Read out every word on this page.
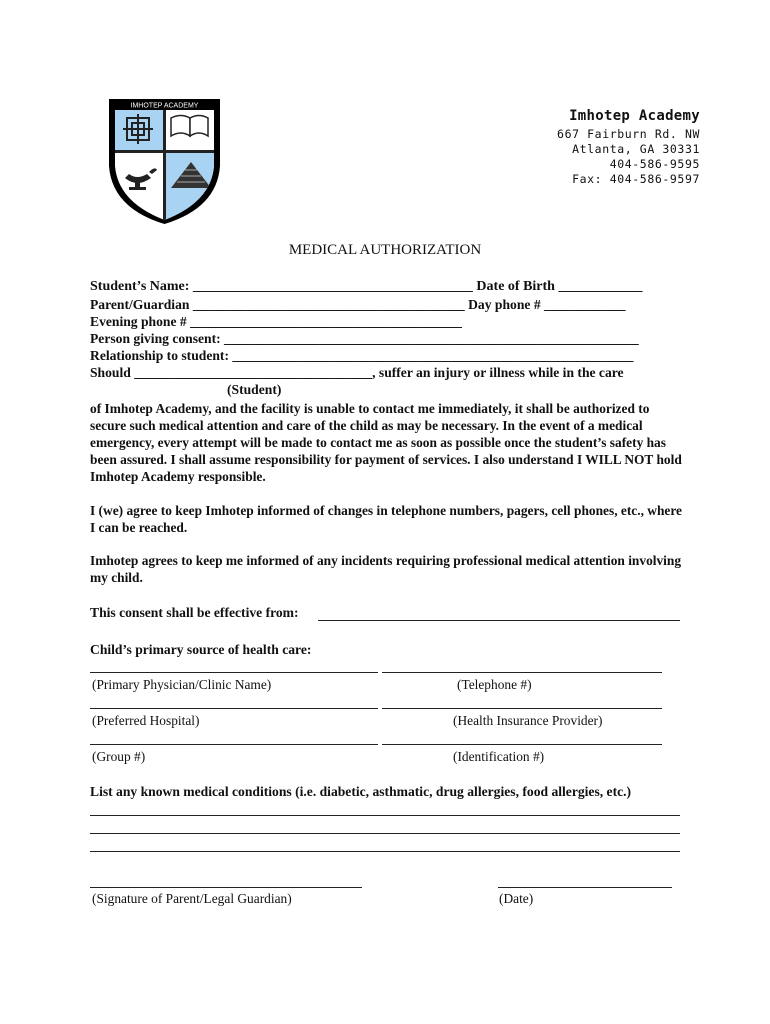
IMHOTEP ACADEMY
Imhotep Academy
667 Fairburn Rd. NW
Atlanta, GA 30331
404-586-9595
Fax: 404-586-9597
MEDICAL AUTHORIZATION
Student’s Name: ________________________________________ Date of Birth ____________
Parent/Guardian ________________________________________ Day phone # ____________
Evening phone # ________________________________________
Person giving consent: _____________________________________________________________
Relationship to student: ___________________________________________________________
Should ___________________________________, suffer an injury or illness while in the care
(Student)
of Imhotep Academy, and the facility is unable to contact me immediately, it shall be authorized to secure such medical attention and care of the child as may be necessary. In the event of a medical emergency, every attempt will be made to contact me as soon as possible once the student’s safety has been assured. I shall assume responsibility for payment of services. I also understand I WILL NOT hold Imhotep Academy responsible.
I (we) agree to keep Imhotep informed of changes in telephone numbers, pagers, cell phones, etc., where I can be reached.
Imhotep agrees to keep me informed of any incidents requiring professional medical attention involving my child.
This consent shall be effective from:
Child’s primary source of health care:
(Primary Physician/Clinic Name)	(Telephone #)
(Preferred Hospital)	(Health Insurance Provider)
(Group #)	(Identification #)
List any known medical conditions (i.e. diabetic, asthmatic, drug allergies, food allergies, etc.)
(Signature of Parent/Legal Guardian)	(Date)
